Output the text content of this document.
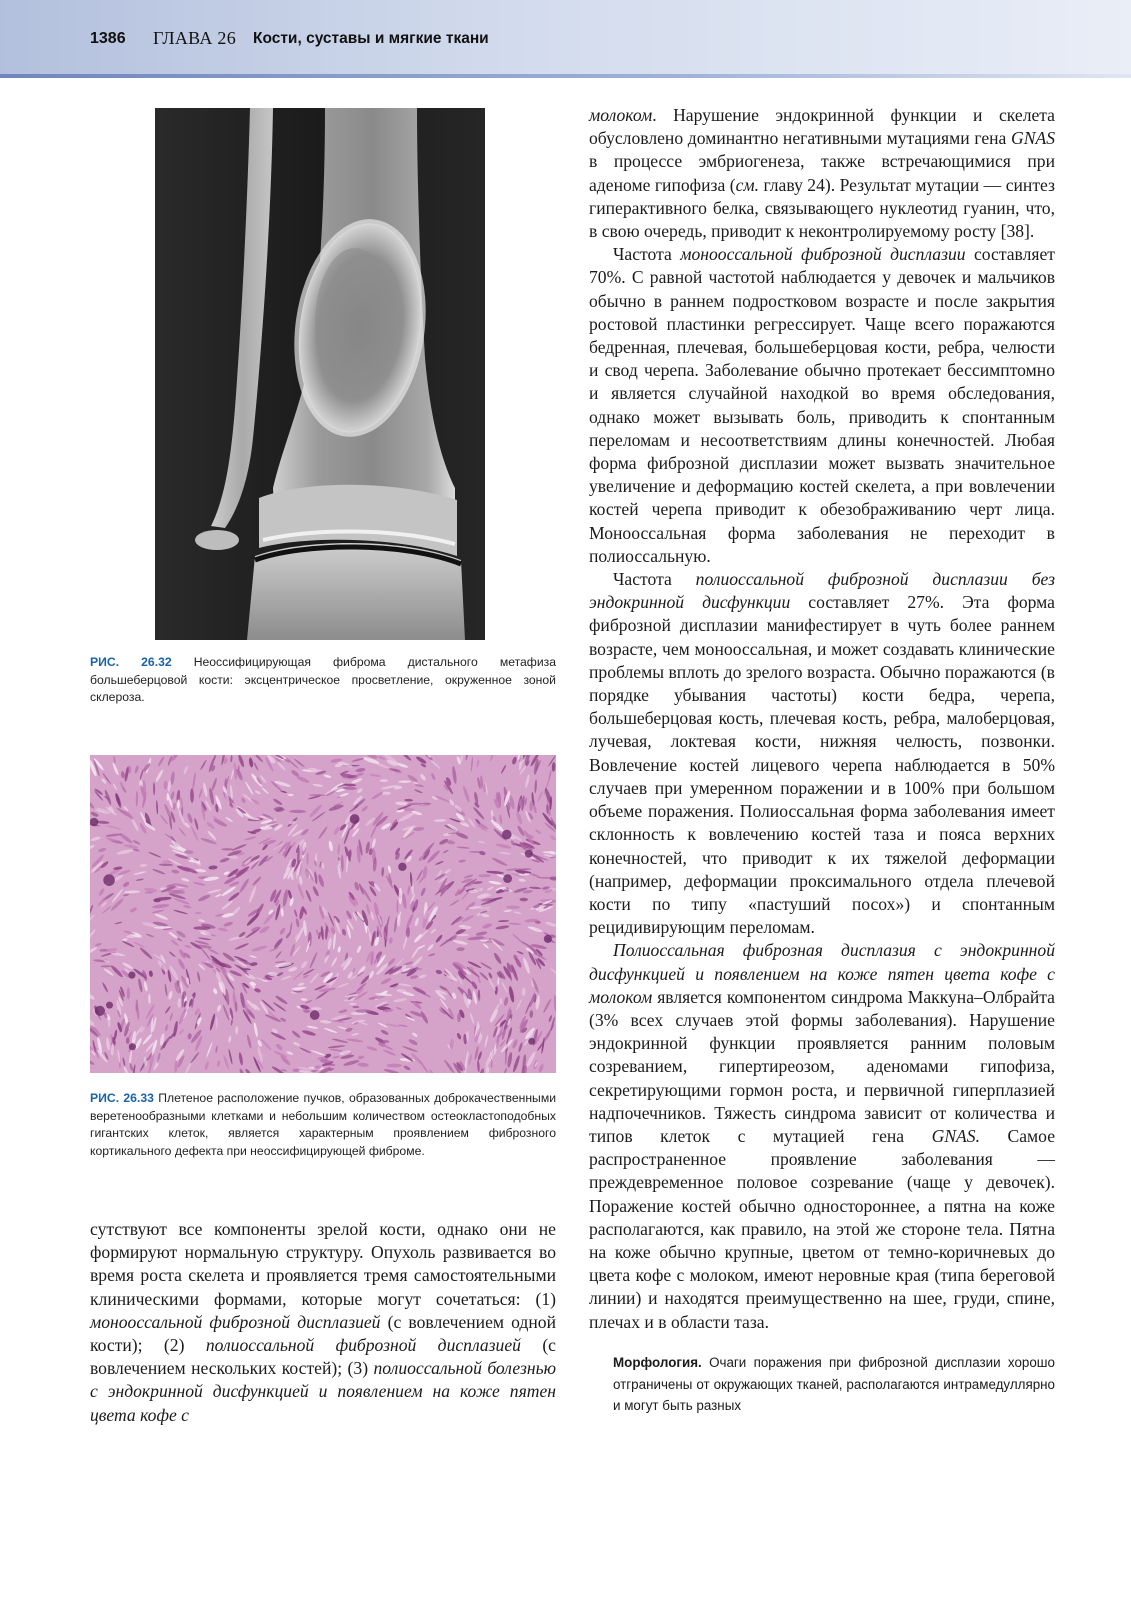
1386 ГЛАВА 26 Кости, суставы и мягкие ткани
РИС. 26.32 Неоссифицирующая фиброма дистального метафиза большеберцовой кости: эксцентрическое просветление, окруженное зоной склероза.
РИС. 26.33 Плетеное расположение пучков, образованных доброкачественными веретенообразными клетками и небольшим количеством остеокластоподобных гигантских клеток, является характерным проявлением фиброзного кортикального дефекта при неоссифицирующей фиброме.

молоком. Нарушение эндокринной функции и скелета обусловлено доминантно негативными мутациями гена GNAS в процессе эмбриогенеза, также встречающимися при аденоме гипофиза (см. главу 24). Результат мутации — синтез гиперактивного белка, связывающего нуклеотид гуанин, что, в свою очередь, приводит к неконтролируемому росту [38].

Частота монооссальной фиброзной дисплазии составляет 70%. С равной частотой наблюдается у девочек и мальчиков обычно в раннем подростковом возрасте и после закрытия ростовой пластинки регрессирует. Чаще всего поражаются бедренная, плечевая, большеберцовая кости, ребра, челюсти и свод черепа. Заболевание обычно протекает бессимптомно и является случайной находкой во время обследования, однако может вызывать боль, приводить к спонтанным переломам и несоответствиям длины конечностей. Любая форма фиброзной дисплазии может вызвать значительное увеличение и деформацию костей скелета, а при вовлечении костей черепа приводит к обезображиванию черт лица. Монооссальная форма заболевания не переходит в полиоссальную.

Частота полиоссальной фиброзной дисплазии без эндокринной дисфункции составляет 27%. Эта форма фиброзной дисплазии манифестирует в чуть более раннем возрасте, чем монооссальная, и может создавать клинические проблемы вплоть до зрелого возраста. Обычно поражаются (в порядке убывания частоты) кости бедра, черепа, большеберцовая кость, плечевая кость, ребра, малоберцовая, лучевая, локтевая кости, нижняя челюсть, позвонки. Вовлечение костей лицевого черепа наблюдается в 50% случаев при умеренном поражении и в 100% при большом объеме поражения. Полиоссальная форма заболевания имеет склонность к вовлечению костей таза и пояса верхних конечностей, что приводит к их тяжелой деформации (например, деформации проксимального отдела плечевой кости по типу «пастуший посох») и спонтанным рецидивирующим переломам.

Полиоссальная фиброзная дисплазия с эндокринной дисфункцией и появлением на коже пятен цвета кофе с молоком является компонентом синдрома Маккуна–Олбрайта (3% всех случаев этой формы заболевания). Нарушение эндокринной функции проявляется ранним половым созреванием, гипертиреозом, аденомами гипофиза, секретирующими гормон роста, и первичной гиперплазией надпочечников. Тяжесть синдрома зависит от количества и типов клеток с мутацией гена GNAS. Самое распространенное проявление заболевания — преждевременное половое созревание (чаще у девочек). Поражение костей обычно одностороннее, а пятна на коже располагаются, как правило, на этой же стороне тела. Пятна на коже обычно крупные, цветом от темно-коричневых до цвета кофе с молоком, имеют неровные края (типа береговой линии) и находятся преимущественно на шее, груди, спине, плечах и в области таза.

сутствуют все компоненты зрелой кости, однако они не формируют нормальную структуру. Опухоль развивается во время роста скелета и проявляется тремя самостоятельными клиническими формами, которые могут сочетаться: (1) монооссальной фиброзной дисплазией (с вовлечением одной кости); (2) полиоссальной фиброзной дисплазией (с вовлечением нескольких костей); (3) полиоссальной болезнью с эндокринной дисфункцией и появлением на коже пятен цвета кофе с

Морфология. Очаги поражения при фиброзной дисплазии хорошо отграничены от окружающих тканей, располагаются интрамедуллярно и могут быть разных
